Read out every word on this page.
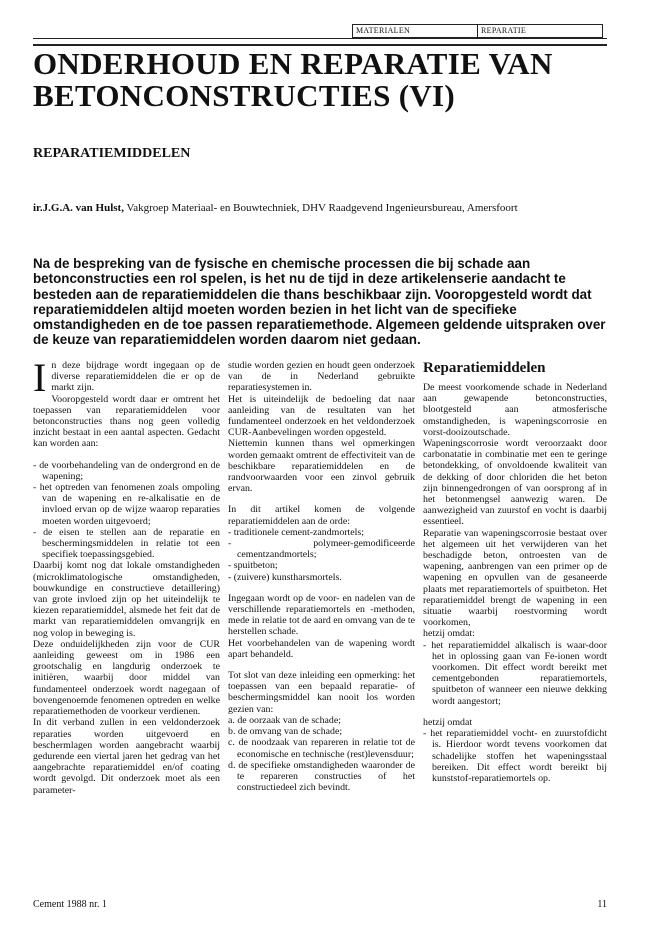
MATERIALEN	REPARATIE
ONDERHOUD EN REPARATIE VAN BETONCONSTRUCTIES (VI)
REPARATIEMIDDELEN
ir.J.G.A. van Hulst, Vakgroep Materiaal- en Bouwtechniek, DHV Raadgevend Ingenieursbureau, Amersfoort

Na de bespreking van de fysische en chemische processen die bij schade aan betonconstructies een rol spelen, is het nu de tijd in deze artikelenserie aandacht te besteden aan de reparatiemiddelen die thans beschikbaar zijn. Vooropgesteld wordt dat reparatiemiddelen altijd moeten worden bezien in het licht van de specifieke omstandigheden en de toe passen reparatiemethode. Algemeen geldende uitspraken over de keuze van reparatiemiddelen worden daarom niet gedaan.

In deze bijdrage wordt ingegaan op de diverse reparatiemiddelen die er op de markt zijn.

Vooropgesteld wordt daar er omtrent het toepassen van reparatiemiddelen voor betonconstructies thans nog geen volledig inzicht bestaat in een aantal aspecten. Gedacht kan worden aan:

- de voorbehandeling van de ondergrond en de wapening;
- het optreden van fenomenen zoals ompoling van de wapening en re-alkalisatie en de invloed ervan op de wijze waarop reparaties moeten worden uitgevoerd;
- de eisen te stellen aan de reparatie en beschermingsmiddelen in relatie tot een specifiek toepassingsgebied.

Daarbij komt nog dat lokale omstandigheden (microklimatologische omstandigheden, bouwkundige en constructieve detaillering) van grote invloed zijn op het uiteindelijk te kiezen reparatiemiddel, alsmede het feit dat de markt van reparatiemiddelen omvangrijk en nog volop in beweging is.

Deze onduidelijkheden zijn voor de CUR aanleiding geweest om in 1986 een grootschalig en langdurig onderzoek te initiëren, waarbij door middel van fundamenteel onderzoek wordt nagegaan of bovengenoemde fenomenen optreden en welke reparatiemethoden de voorkeur verdienen.

In dit verband zullen in een veldonderzoek reparaties worden uitgevoerd en beschermlagen worden aangebracht waarbij gedurende een viertal jaren het gedrag van het aangebrachte reparatiemiddel en/of coating wordt gevolgd. Dit onderzoek moet als een parameter-

studie worden gezien en houdt geen onderzoek van de in Nederland gebruikte reparatiesystemen in.

Het is uiteindelijk de bedoeling dat naar aanleiding van de resultaten van het fundamenteel onderzoek en het veldonderzoek CUR-Aanbevelingen worden opgesteld.

Niettemin kunnen thans wel opmerkingen worden gemaakt omtrent de effectiviteit van de beschikbare reparatiemiddelen en de randvoorwaarden voor een zinvol gebruik ervan.

In dit artikel komen de volgende reparatiemiddelen aan de orde:

- traditionele cement-zandmortels;
- polymeer-gemodificeerde cementzandmortels;
- spuitbeton;
- (zuivere) kunstharsmortels.

Ingegaan wordt op de voor- en nadelen van de verschillende reparatiemortels en -methoden, mede in relatie tot de aard en omvang van de te herstellen schade.

Het voorbehandelen van de wapening wordt apart behandeld.

Tot slot van deze inleiding een opmerking: het toepassen van een bepaald reparatie- of beschermingsmiddel kan nooit los worden gezien van:

a. de oorzaak van de schade;
b. de omvang van de schade;
c. de noodzaak van repareren in relatie tot de economische en technische (rest)levensduur;
d. de specifieke omstandigheden waaronder de te repareren constructies of het constructiedeel zich bevindt.
Reparatiemiddelen

De meest voorkomende schade in Nederland aan gewapende betonconstructies, blootgesteld aan atmosferische omstandigheden, is wapeningscorrosie en vorst-dooizoutschade.

Wapeningscorrosie wordt veroorzaakt door carbonatatie in combinatie met een te geringe betondekking, of onvoldoende kwaliteit van de dekking of door chloriden die het beton zijn binnengedrongen of van oorsprong af in het betonmengsel aanwezig waren. De aanwezigheid van zuurstof en vocht is daarbij essentieel.

Reparatie van wapeningscorrosie bestaat over het algemeen uit het verwijderen van het beschadigde beton, ontroesten van de wapening, aanbrengen van een primer op de wapening en opvullen van de gesaneerde plaats met reparatiemortels of spuitbeton. Het reparatiemiddel brengt de wapening in een situatie waarbij roestvorming wordt voorkomen,

hetzij omdat:

- het reparatiemiddel alkalisch is waar-door het in oplossing gaan van Fe-ionen wordt voorkomen. Dit effect wordt bereikt met cementgebonden reparatiemortels, spuitbeton of wanneer een nieuwe dekking wordt aangestort;

hetzij omdat

- het reparatiemiddel vocht- en zuurstofdicht is. Hierdoor wordt tevens voorkomen dat schadelijke stoffen het wapeningsstaal bereiken. Dit effect wordt bereikt bij kunststof-reparatiemortels op.
Cement 1988 nr. 1	11
